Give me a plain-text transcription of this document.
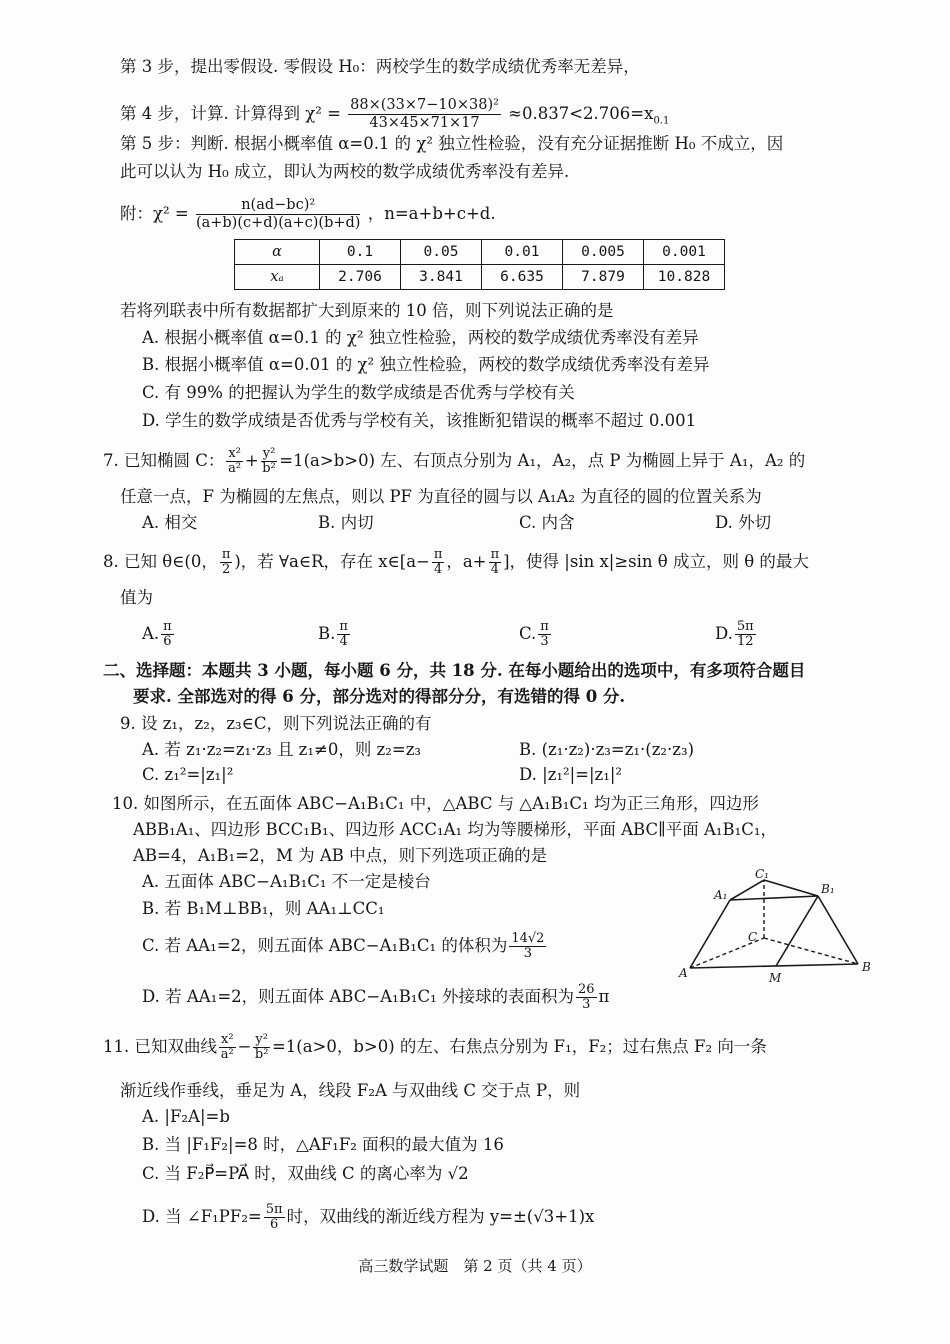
第 3 步，提出零假设. 零假设 H₀：两校学生的数学成绩优秀率无差异，
第 4 步，计算. 计算得到 $\chi^2 = \frac{\text{88×(33×7−10×38)²}}{43\times 45\times 71\times 17} \approx 0.837<2.706=x_{0.1}$
第 5 步：判断. 根据小概率值 α=0.1 的 χ² 独立性检验，没有充分证据推断 H₀ 不成立，因
此可以认为 H₀ 成立，即认为两校的数学成绩优秀率没有差异.
附：$\chi^2 = \frac{\text{n(ad−bc)²}}{(a+b)(c+d)(a+c)(b+d)}$ ，n=a+b+c+d.
α	0.1	0.05	0.01	0.005	0.001
xₐ	2.706	3.841	6.635	7.879	10.828
若将列联表中所有数据都扩大到原来的 10 倍，则下列说法正确的是
A. 根据小概率值 α=0.1 的 χ² 独立性检验，两校的数学成绩优秀率没有差异
B. 根据小概率值 α=0.01 的 χ² 独立性检验，两校的数学成绩优秀率没有差异
C. 有 99% 的把握认为学生的数学成绩是否优秀与学校有关
D. 学生的数学成绩是否优秀与学校有关，该推断犯错误的概率不超过 0.001
7. 已知椭圆 C： $\frac{\text{x²}}{\text{a²}} + \frac{\text{y²}}{\text{b²}} =1(a>b>0)$ 左、右顶点分别为 A₁，A₂，点 P 为椭圆上异于 A₁，A₂ 的
任意一点，F 为椭圆的左焦点，则以 PF 为直径的圆与以 A₁A₂ 为直径的圆的位置关系为
A. 相交	B. 内切	C. 内含	D. 外切
8. 已知 θ∈(0， $\frac{\pi}{2}$ )，若 ∀a∈R，存在 x∈[a− $\frac{\pi}{4}$ ，$a+ \frac{\pi}{4}$ ]，使得 |sin x|≥sin θ 成立，则 θ 的最大
值为
A. $\frac{\pi}{6}$	B. $\frac{\pi}{4}$	C. $\frac{\pi}{3}$	D. $\frac{5\pi}{12}$
二、选择题：本题共 3 小题，每小题 6 分，共 18 分. 在每小题给出的选项中，有多项符合题目
要求. 全部选对的得 6 分，部分选对的得部分分，有选错的得 0 分.
9. 设 z₁，z₂，z₃∈C，则下列说法正确的有
A. 若 z₁·z₂=z₁·z₃ 且 z₁≠0，则 z₂=z₃	B. (z₁·z₂)·z₃=z₁·(z₂·z₃)
C. z₁²=|z₁|²	D. |z₁²|=|z₁|²
10. 如图所示，在五面体 ABC−A₁B₁C₁ 中，△ABC 与 △A₁B₁C₁ 均为正三角形，四边形
ABB₁A₁、四边形 BCC₁B₁、四边形 ACC₁A₁ 均为等腰梯形，平面 ABC∥平面 A₁B₁C₁，
AB=4，A₁B₁=2，M 为 AB 中点，则下列选项正确的是
A. 五面体 ABC−A₁B₁C₁ 不一定是棱台
B. 若 B₁M⊥BB₁，则 AA₁⊥CC₁
C. 若 AA₁=2，则五面体 ABC−A₁B₁C₁ 的体积为 $\frac{14√2}{3}$
D. 若 AA₁=2，则五面体 ABC−A₁B₁C₁ 外接球的表面积为 $\frac{26}{3}$ π
A	B
C
M
A₁	B₁
C₁
11. 已知双曲线 $\frac{\text{x²}}{\text{a²}} - \frac{\text{y²}}{\text{b²}} =1(a>0$，b>0) 的左、右焦点分别为 F₁，F₂；过右焦点 F₂ 向一条
渐近线作垂线，垂足为 A，线段 F₂A 与双曲线 C 交于点 P，则
A. |F₂A|=b
B. 当 |F₁F₂|=8 时，△AF₁F₂ 面积的最大值为 16
C. 当 F₂P⃗=PA⃗ 时，双曲线 C 的离心率为 √2
D. 当 ∠F₁PF₂= $\frac{5\pi}{6}$ 时，双曲线的渐近线方程为 y=±(√3+1)x
高三数学试题　第 2 页（共 4 页）
